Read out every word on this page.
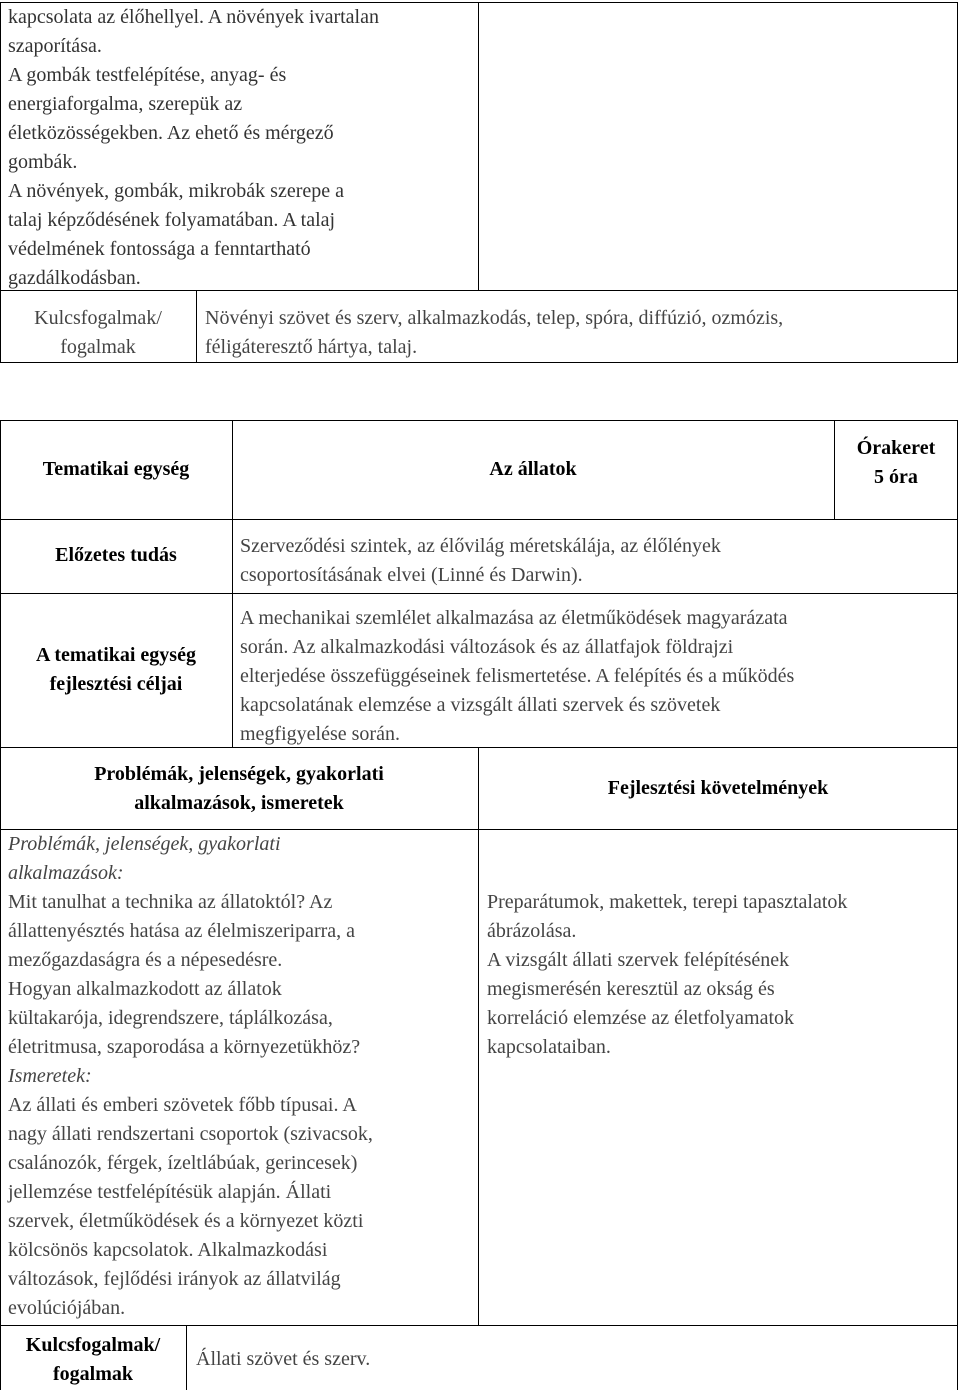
kapcsolata az élőhellyel. A növények ivartalan
szaporítása.
A gombák testfelépítése, anyag- és
energiaforgalma, szerepük az
életközösségekben. Az ehető és mérgező
gombák.
A növények, gombák, mikrobák szerepe a
talaj képződésének folyamatában. A talaj
védelmének fontossága a fenntartható
gazdálkodásban.
Kulcsfogalmak/
fogalmak
Növényi szövet és szerv, alkalmazkodás, telep, spóra, diffúzió, ozmózis,
féligáteresztő hártya, talaj.
Tematikai egység	Az állatok
Órakeret
5 óra
Előzetes tudás	Szerveződési szintek, az élővilág méretskálája, az élőlények
csoportosításának elvei (Linné és Darwin).
A tematikai egység
fejlesztési céljai
A mechanikai szemlélet alkalmazása az életműködések magyarázata
során. Az alkalmazkodási változások és az állatfajok földrajzi
elterjedése összefüggéseinek felismertetése. A felépítés és a működés
kapcsolatának elemzése a vizsgált állati szervek és szövetek
megfigyelése során.
Problémák, jelenségek, gyakorlati
alkalmazások, ismeretek
Fejlesztési követelmények
Problémák, jelenségek, gyakorlati
alkalmazások:
Mit tanulhat a technika az állatoktól? Az
állattenyésztés hatása az élelmiszeriparra, a
mezőgazdaságra és a népesedésre.
Hogyan alkalmazkodott az állatok
kültakarója, idegrendszere, táplálkozása,
életritmusa, szaporodása a környezetükhöz?
Ismeretek:
Az állati és emberi szövetek főbb típusai. A
nagy állati rendszertani csoportok (szivacsok,
csalánozók, férgek, ízeltlábúak, gerincesek)
jellemzése testfelépítésük alapján. Állati
szervek, életműködések és a környezet közti
kölcsönös kapcsolatok. Alkalmazkodási
változások, fejlődési irányok az állatvilág
evolúciójában.
Preparátumok, makettek, terepi tapasztalatok
ábrázolása.
A vizsgált állati szervek felépítésének
megismerésén keresztül az okság és
korreláció elemzése az életfolyamatok
kapcsolataiban.
Kulcsfogalmak/
fogalmak
Állati szövet és szerv.
